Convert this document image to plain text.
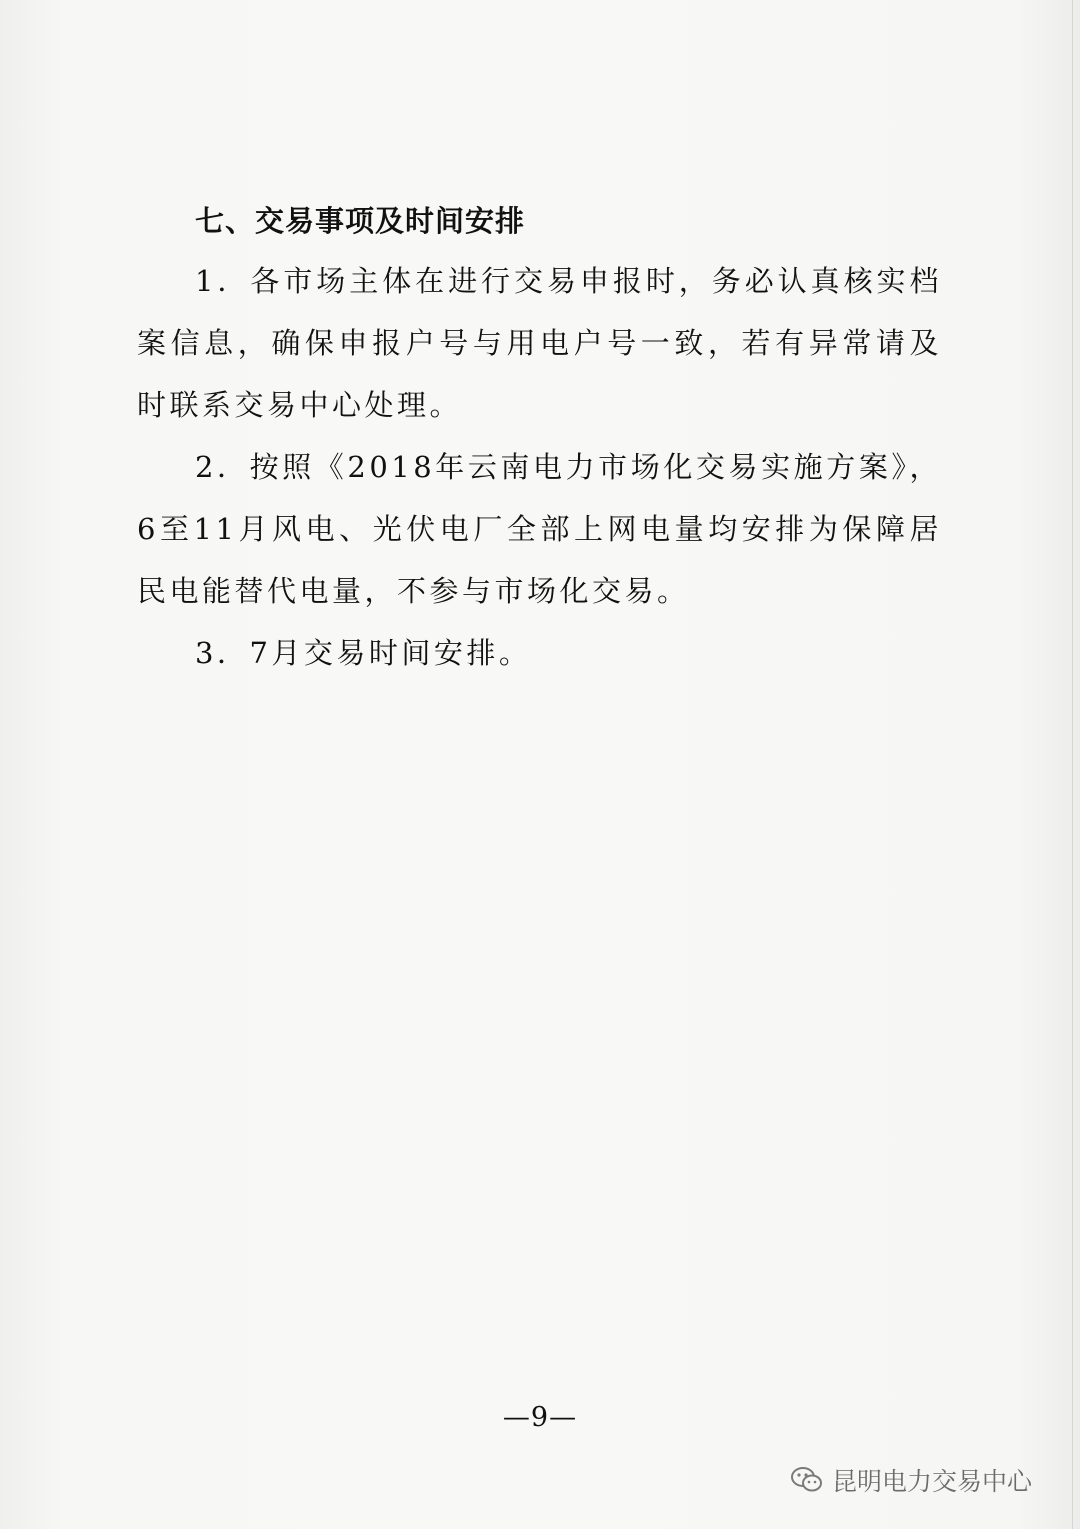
七、交易事项及时间安排

1．各市场主体在进行交易申报时，务必认真核实档案信息，确保申报户号与用电户号一致，若有异常请及时联系交易中心处理。

2．按照《2018年云南电力市场化交易实施方案》，6至11月风电、光伏电厂全部上网电量均安排为保障居民电能替代电量，不参与市场化交易。

3．7月交易时间安排。

—9—
昆明电力交易中心
